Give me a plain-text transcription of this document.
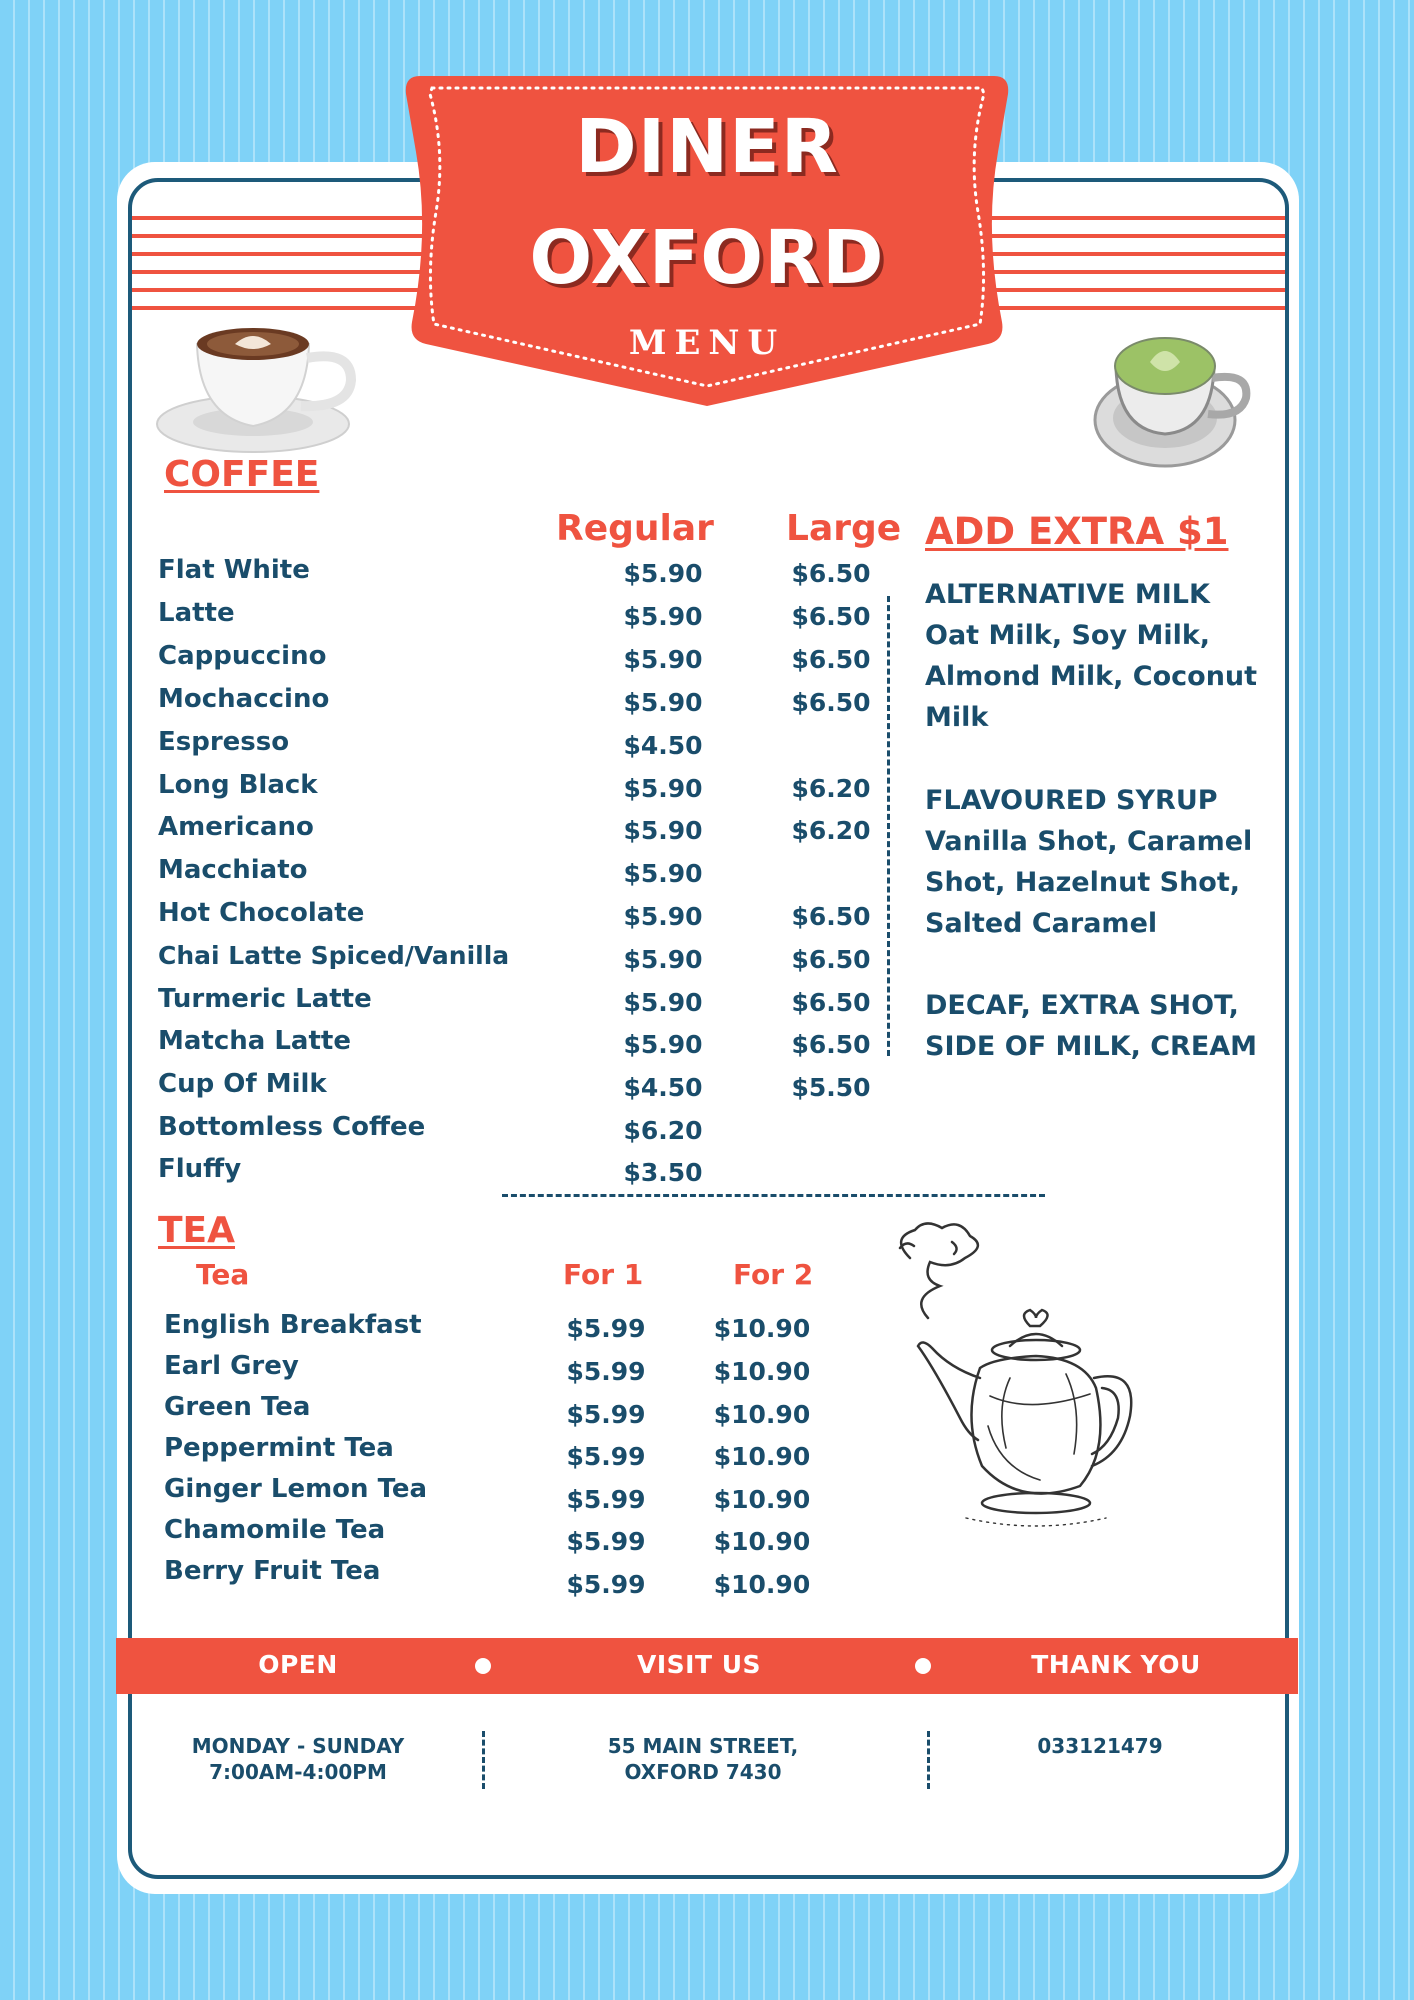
DINER
OXFORD
MENU
COFFEE
Regular Large
Flat White	$5.90	$6.50
Latte	$5.90	$6.50
Cappuccino	$5.90	$6.50
Mochaccino	$5.90	$6.50
Espresso	$4.50
Long Black	$5.90	$6.20
Americano	$5.90	$6.20
Macchiato	$5.90
Hot Chocolate	$5.90	$6.50
Chai Latte Spiced/Vanilla	$5.90	$6.50
Turmeric Latte	$5.90	$6.50
Matcha Latte	$5.90	$6.50
Cup Of Milk	$4.50	$5.50
Bottomless Coffee	$6.20
Fluffy	$3.50
ADD EXTRA $1
ALTERNATIVE MILK
Oat Milk, Soy Milk, Almond Milk, Coconut Milk
FLAVOURED SYRUP
Vanilla Shot, Caramel Shot, Hazelnut Shot, Salted Caramel
DECAF, EXTRA SHOT, SIDE OF MILK, CREAM
TEA
Tea	For 1	For 2
English Breakfast	$5.99	$10.90
Earl Grey	$5.99	$10.90
Green Tea	$5.99	$10.90
Peppermint Tea	$5.99	$10.90
Ginger Lemon Tea	$5.99	$10.90
Chamomile Tea	$5.99	$10.90
Berry Fruit Tea	$5.99	$10.90
OPEN	VISIT US	THANK YOU
MONDAY - SUNDAY
7:00AM-4:00PM
55 MAIN STREET,
OXFORD 7430
033121479
